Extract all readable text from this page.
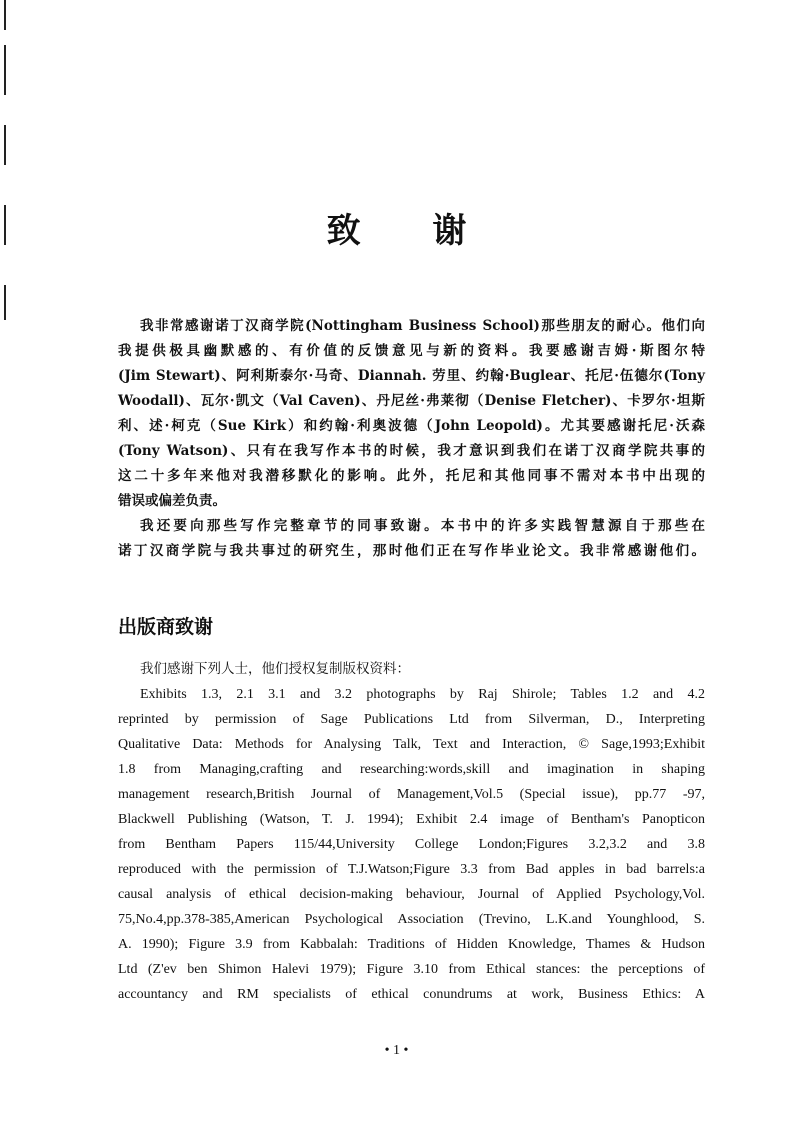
致 谢
我非常感谢诺丁汉商学院(Nottingham Business School)那些朋友的耐心。他们向
我提供极具幽默感的、有价值的反馈意见与新的资料。我要感谢吉姆·斯图尔特
(Jim Stewart)、阿利斯泰尔·马奇、Diannah. 劳里、约翰·Buglear、托尼·伍德尔(Tony
Woodall)、瓦尔·凯文（Val Caven)、丹尼丝·弗莱彻（Denise Fletcher)、卡罗尔·坦斯
利、述·柯克（Sue Kirk）和约翰·利奥波德（John Leopold)。尤其要感谢托尼·沃森
(Tony Watson)、只有在我写作本书的时候，我才意识到我们在诺丁汉商学院共事的
这二十多年来他对我潜移默化的影响。此外，托尼和其他同事不需对本书中出现的
错误或偏差负责。
我还要向那些写作完整章节的同事致谢。本书中的许多实践智慧源自于那些在
诺丁汉商学院与我共事过的研究生，那时他们正在写作毕业论文。我非常感谢他们。
出版商致谢
我们感谢下列人士，他们授权复制版权资料：
Exhibits 1.3, 2.1 3.1 and 3.2 photographs by Raj Shirole; Tables 1.2 and 4.2
reprinted by permission of Sage Publications Ltd from Silverman, D., Interpreting
Qualitative Data: Methods for Analysing Talk, Text and Interaction, © Sage,1993;Exhibit
1.8 from Managing,crafting and researching:words,skill and imagination in shaping
management research,British Journal of Management,Vol.5 (Special issue), pp.77 -97,
Blackwell Publishing (Watson, T. J. 1994); Exhibit 2.4 image of Bentham's Panopticon
from Bentham Papers 115/44,University College London;Figures 3.2,3.2 and 3.8
reproduced with the permission of T.J.Watson;Figure 3.3 from Bad apples in bad barrels:a
causal analysis of ethical decision-making behaviour, Journal of Applied Psychology,Vol.
75,No.4,pp.378-385,American Psychological Association (Trevino, L.K.and Younghlood, S.
A. 1990); Figure 3.9 from Kabbalah: Traditions of Hidden Knowledge, Thames & Hudson
Ltd (Z'ev ben Shimon Halevi 1979); Figure 3.10 from Ethical stances: the perceptions of
accountancy and RM specialists of ethical conundrums at work, Business Ethics: A
• 1 •
